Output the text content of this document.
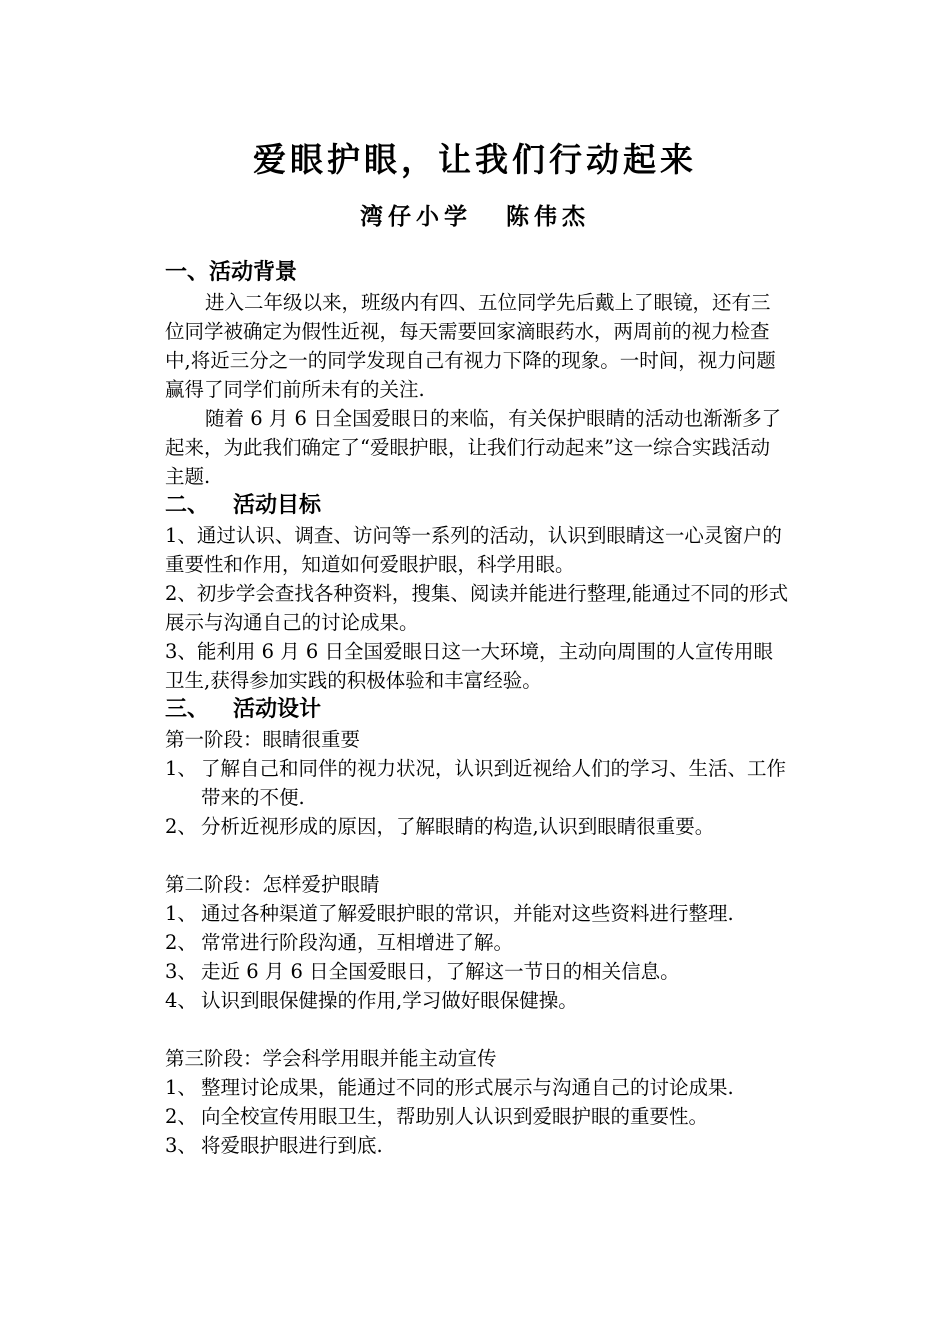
爱眼护眼，让我们行动起来
湾仔小学 陈伟杰
一、活动背景

进入二年级以来，班级内有四、五位同学先后戴上了眼镜，还有三位同学被确定为假性近视，每天需要回家滴眼药水，两周前的视力检查中,将近三分之一的同学发现自己有视力下降的现象。一时间，视力问题赢得了同学们前所未有的关注.

随着 6 月 6 日全国爱眼日的来临，有关保护眼睛的活动也渐渐多了起来，为此我们确定了“爱眼护眼，让我们行动起来”这一综合实践活动主题.

二、 活动目标

1、通过认识、调查、访问等一系列的活动，认识到眼睛这一心灵窗户的重要性和作用，知道如何爱眼护眼，科学用眼。

2、初步学会查找各种资料，搜集、阅读并能进行整理,能通过不同的形式展示与沟通自己的讨论成果。

3、能利用 6 月 6 日全国爱眼日这一大环境，主动向周围的人宣传用眼卫生,获得参加实践的积极体验和丰富经验。

三、 活动设计

第一阶段：眼睛很重要

1、 了解自己和同伴的视力状况，认识到近视给人们的学习、生活、工作带来的不便.
2、 分析近视形成的原因，了解眼睛的构造,认识到眼睛很重要。

第二阶段：怎样爱护眼睛

1、 通过各种渠道了解爱眼护眼的常识，并能对这些资料进行整理.
2、 常常进行阶段沟通，互相增进了解。
3、 走近 6 月 6 日全国爱眼日，了解这一节日的相关信息。
4、 认识到眼保健操的作用,学习做好眼保健操。

第三阶段：学会科学用眼并能主动宣传

1、 整理讨论成果，能通过不同的形式展示与沟通自己的讨论成果.
2、 向全校宣传用眼卫生，帮助别人认识到爱眼护眼的重要性。
3、 将爱眼护眼进行到底.
